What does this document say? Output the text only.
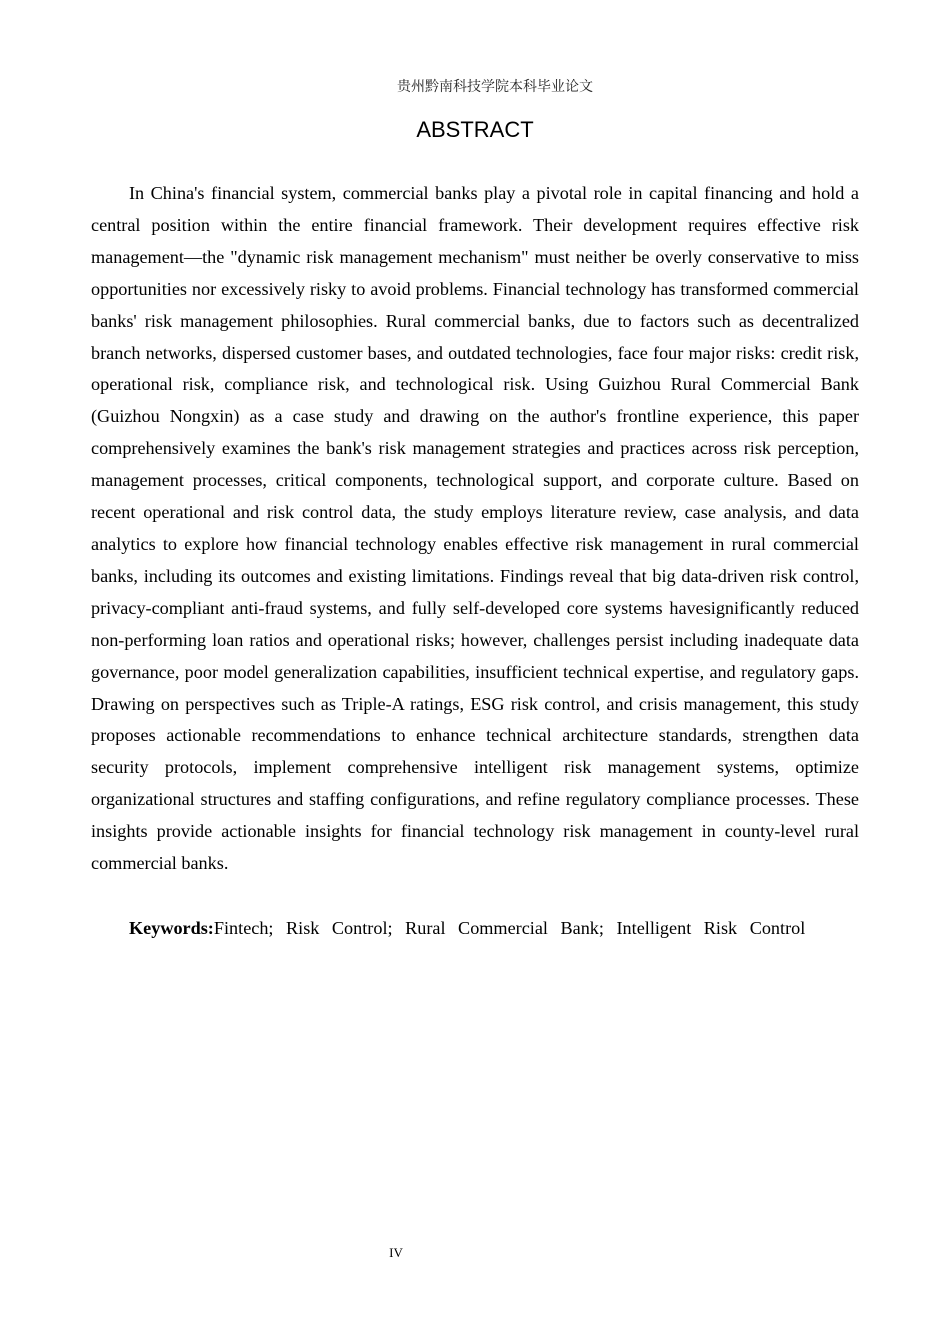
贵州黔南科技学院本科毕业论文
ABSTRACT

In China's financial system, commercial banks play a pivotal role in capital financing and hold a central position within the entire financial framework. Their development requires effective risk management—the "dynamic risk management mechanism" must neither be overly conservative to miss opportunities nor excessively risky to avoid problems. Financial technology has transformed commercial banks' risk management philosophies. Rural commercial banks, due to factors such as decentralized branch networks, dispersed customer bases, and outdated technologies, face four major risks: credit risk, operational risk, compliance risk, and technological risk. Using Guizhou Rural Commercial Bank (Guizhou Nongxin) as a case study and drawing on the author's frontline experience, this paper comprehensively examines the bank's risk management strategies and practices across risk perception, management processes, critical components, technological support, and corporate culture. Based on recent operational and risk control data, the study employs literature review, case analysis, and data analytics to explore how financial technology enables effective risk management in rural commercial banks, including its outcomes and existing limitations. Findings reveal that big data-driven risk control, privacy-compliant anti-fraud systems, and fully self-developed core systems havesignificantly reduced non-performing loan ratios and operational risks; however, challenges persist including inadequate data governance, poor model generalization capabilities, insufficient technical expertise, and regulatory gaps. Drawing on perspectives such as Triple-A ratings, ESG risk control, and crisis management, this study proposes actionable recommendations to enhance technical architecture standards, strengthen data security protocols, implement comprehensive intelligent risk management systems, optimize organizational structures and staffing configurations, and refine regulatory compliance processes. These insights provide actionable insights for financial technology risk management in county-level rural commercial banks.

Keywords:Fintech; Risk Control; Rural Commercial Bank; Intelligent Risk Control

IV
